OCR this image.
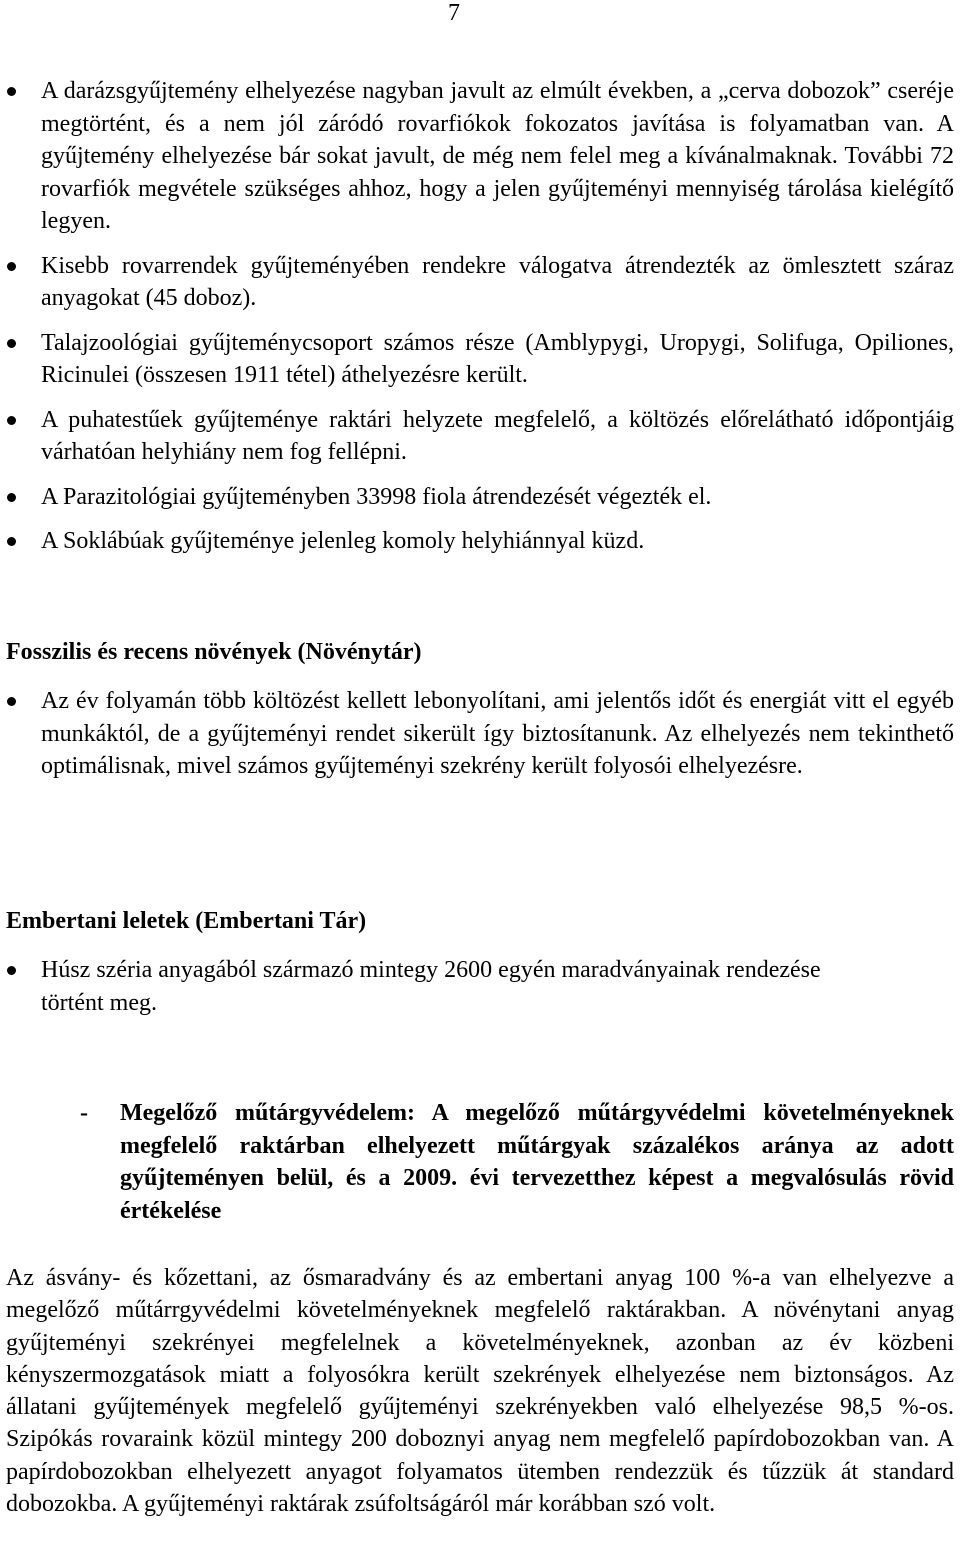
7
A darázsgyűjtemény elhelyezése nagyban javult az elmúlt években, a „cerva dobozok” cseréje megtörtént, és a nem jól záródó rovarfiókok fokozatos javítása is folyamatban van. A gyűjtemény elhelyezése bár sokat javult, de még nem felel meg a kívánalmaknak. További 72 rovarfiók megvétele szükséges ahhoz, hogy a jelen gyűjteményi mennyiség tárolása kielégítő legyen.
Kisebb rovarrendek gyűjteményében rendekre válogatva átrendezték az ömlesztett száraz anyagokat (45 doboz).
Talajzoológiai gyűjteménycsoport számos része (Amblypygi, Uropygi, Solifuga, Opiliones, Ricinulei (összesen 1911 tétel) áthelyezésre került.
A puhatestűek gyűjteménye raktári helyzete megfelelő, a költözés előrelátható időpontjáig várhatóan helyhiány nem fog fellépni.
A Parazitológiai gyűjteményben 33998 fiola átrendezését végezték el.
A Soklábúak gyűjteménye jelenleg komoly helyhiánnyal küzd.
Fosszilis és recens növények (Növénytár)
Az év folyamán több költözést kellett lebonyolítani, ami jelentős időt és energiát vitt el egyéb munkáktól, de a gyűjteményi rendet sikerült így biztosítanunk. Az elhelyezés nem tekinthető optimálisnak, mivel számos gyűjteményi szekrény került folyosói elhelyezésre.
Embertani leletek (Embertani Tár)
Húsz széria anyagából származó mintegy 2600 egyén maradványainak rendezése történt meg.
- Megelőző műtárgyvédelem: A megelőző műtárgyvédelmi követelményeknek megfelelő raktárban elhelyezett műtárgyak százalékos aránya az adott gyűjteményen belül, és a 2009. évi tervezetthez képest a megvalósulás rövid értékelése

Az ásvány- és kőzettani, az ősmaradvány és az embertani anyag 100 %-a van elhelyezve a megelőző műtárrgyvédelmi követelményeknek megfelelő raktárakban. A növénytani anyag gyűjteményi szekrényei megfelelnek a követelményeknek, azonban az év közbeni kényszermozgatások miatt a folyosókra került szekrények elhelyezése nem biztonságos. Az állatani gyűjtemények megfelelő gyűjteményi szekrényekben való elhelyezése 98,5 %-os. Szipókás rovaraink közül mintegy 200 doboznyi anyag nem megfelelő papírdobozokban van. A papírdobozokban elhelyezett anyagot folyamatos ütemben rendezzük és tűzzük át standard dobozokba. A gyűjteményi raktárak zsúfoltságáról már korábban szó volt.
